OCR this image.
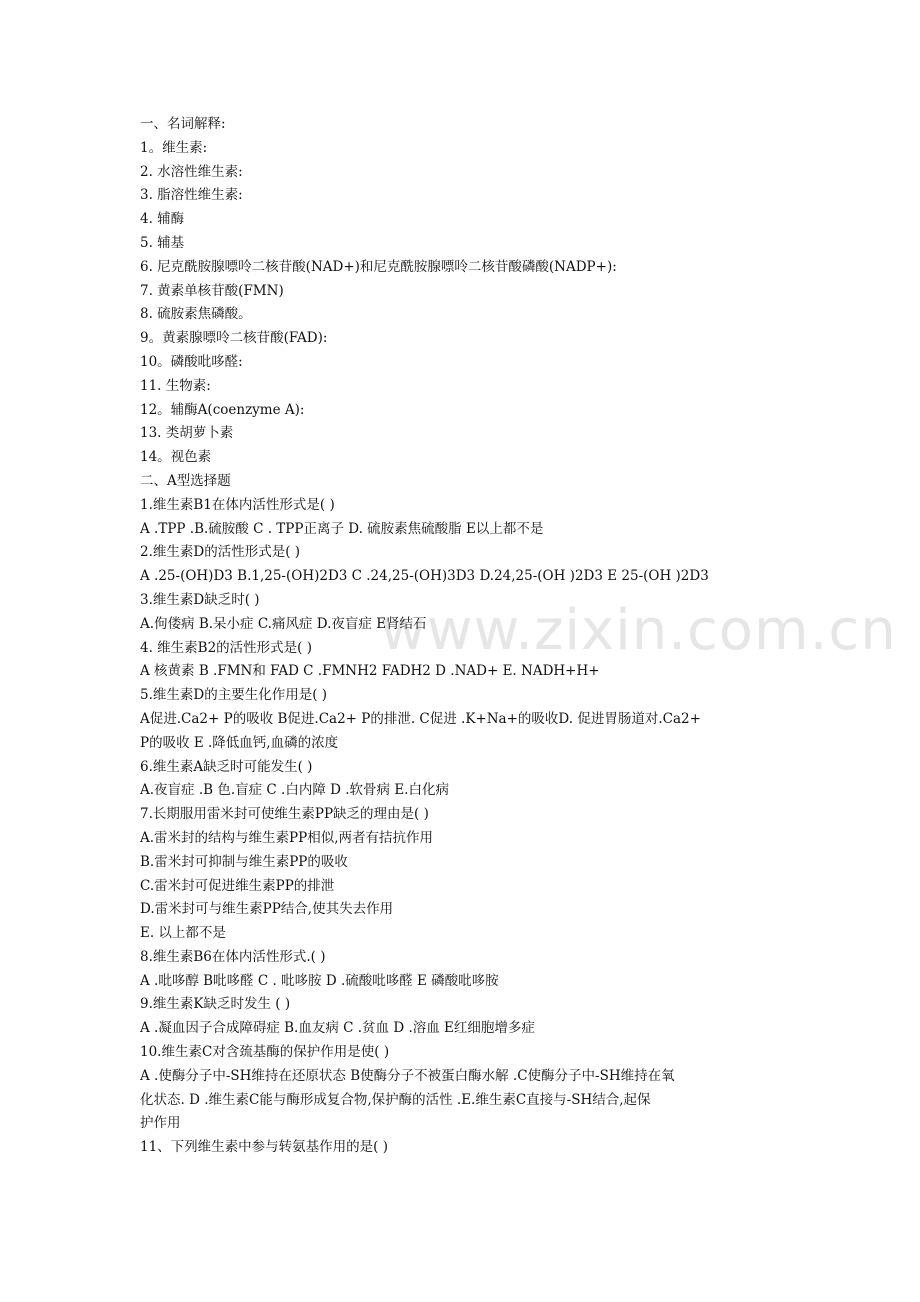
www.zixin.com.cn
一、名词解释:
1。维生素:
2. 水溶性维生素:
3. 脂溶性维生素:
4. 辅酶
5. 辅基
6. 尼克酰胺腺嘌呤二核苷酸(NAD+)和尼克酰胺腺嘌呤二核苷酸磷酸(NADP+):
7. 黄素单核苷酸(FMN)
8. 硫胺素焦磷酸。
9。黄素腺嘌呤二核苷酸(FAD):
10。磷酸吡哆醛:
11. 生物素:
12。辅酶A(coenzyme A):
13. 类胡萝卜素
14。视色素
二、A型选择题
1.维生素B1在体内活性形式是( )
A .TPP .B.硫胺酸 C . TPP正离子 D. 硫胺素焦硫酸脂 E以上都不是
2.维生素D的活性形式是( )
A .25-(OH)D3 B.1,25-(OH)2D3 C .24,25-(OH)3D3 D.24,25-(OH )2D3 E 25-(OH )2D3
3.维生素D缺乏时( )
A.佝偻病 B.呆小症 C.痛风症 D.夜盲症 E肾结石
4. 维生素B2的活性形式是( )
A 核黄素 B .FMN和 FAD C .FMNH2 FADH2 D .NAD+ E. NADH+H+
5.维生素D的主要生化作用是( )
A促进.Ca2+ P的吸收 B促进.Ca2+ P的排泄. C促进 .K+Na+的吸收D. 促进胃肠道对.Ca2+
P的吸收 E .降低血钙,血磷的浓度
6.维生素A缺乏时可能发生( )
A.夜盲症 .B 色.盲症 C .白内障 D .软骨病 E.白化病
7.长期服用雷米封可使维生素PP缺乏的理由是( )
A.雷米封的结构与维生素PP相似,两者有拮抗作用
B.雷米封可抑制与维生素PP的吸收
C.雷米封可促进维生素PP的排泄
D.雷米封可与维生素PP结合,使其失去作用
E. 以上都不是
8.维生素B6在体内活性形式.( )
A .吡哆醇 B吡哆醛 C . 吡哆胺 D .硫酸吡哆醛 E 磷酸吡哆胺
9.维生素K缺乏时发生 ( )
A .凝血因子合成障碍症 B.血友病 C .贫血 D .溶血 E红细胞增多症
10.维生素C对含巯基酶的保护作用是使( )
A .使酶分子中-SH维持在还原状态 B使酶分子不被蛋白酶水解 .C使酶分子中-SH维持在氧
化状态. D .维生素C能与酶形成复合物,保护酶的活性 .E.维生素C直接与-SH结合,起保
护作用
11、下列维生素中参与转氨基作用的是( )
